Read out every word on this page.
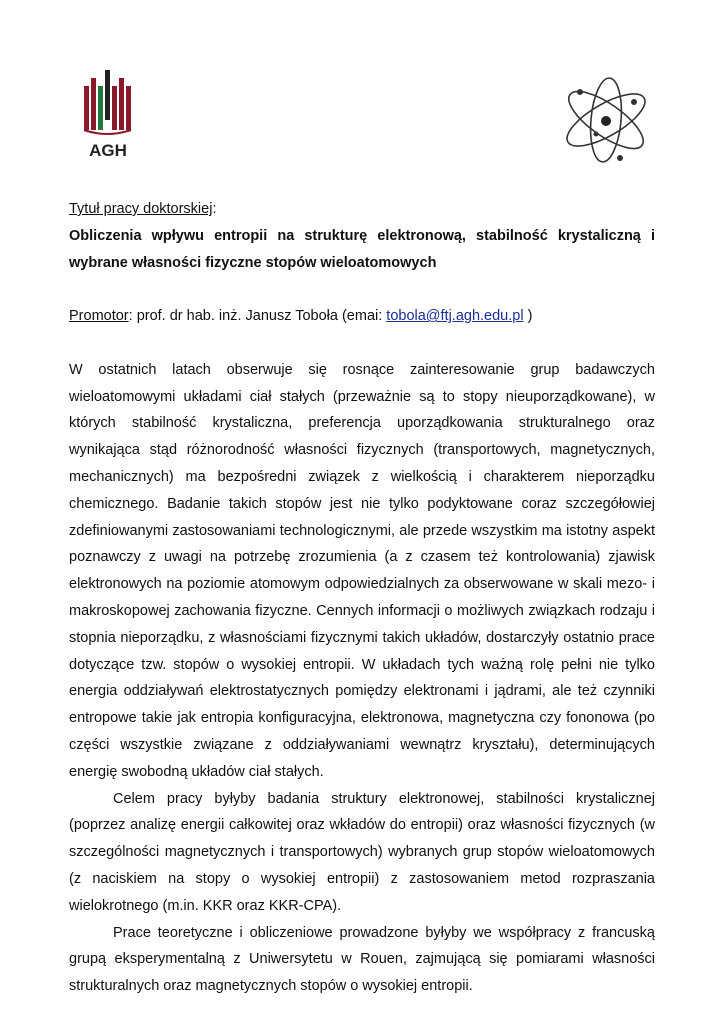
AGH
Tytuł pracy doktorskiej:

Obliczenia wpływu entropii na strukturę elektronową, stabilność krystaliczną i wybrane własności fizyczne stopów wieloatomowych

Promotor: prof. dr hab. inż. Janusz Toboła (emai: tobola@ftj.agh.edu.pl )

W ostatnich latach obserwuje się rosnące zainteresowanie grup badawczych wieloatomowymi układami ciał stałych (przeważnie są to stopy nieuporządkowane), w których stabilność krystaliczna, preferencja uporządkowania strukturalnego oraz wynikająca stąd różnorodność własności fizycznych (transportowych, magnetycznych, mechanicznych) ma bezpośredni związek z wielkością i charakterem nieporządku chemicznego. Badanie takich stopów jest nie tylko podyktowane coraz szczegółowiej zdefiniowanymi zastosowaniami technologicznymi, ale przede wszystkim ma istotny aspekt poznawczy z uwagi na potrzebę zrozumienia (a z czasem też kontrolowania) zjawisk elektronowych na poziomie atomowym odpowiedzialnych za obserwowane w skali mezo- i makroskopowej zachowania fizyczne. Cennych informacji o możliwych związkach rodzaju i stopnia nieporządku, z własnościami fizycznymi takich układów, dostarczyły ostatnio prace dotyczące tzw. stopów o wysokiej entropii. W układach tych ważną rolę pełni nie tylko energia oddziaływań elektrostatycznych pomiędzy elektronami i jądrami, ale też czynniki entropowe takie jak entropia konfiguracyjna, elektronowa, magnetyczna czy fononowa (po części wszystkie związane z oddziaływaniami wewnątrz kryształu), determinujących energię swobodną układów ciał stałych.

Celem pracy byłyby badania struktury elektronowej, stabilności krystalicznej (poprzez analizę energii całkowitej oraz wkładów do entropii) oraz własności fizycznych (w szczególności magnetycznych i transportowych) wybranych grup stopów wieloatomowych (z naciskiem na stopy o wysokiej entropii) z zastosowaniem metod rozpraszania wielokrotnego (m.in. KKR oraz KKR-CPA).

Prace teoretyczne i obliczeniowe prowadzone byłyby we współpracy z francuską grupą eksperymentalną z Uniwersytetu w Rouen, zajmującą się pomiarami własności strukturalnych oraz magnetycznych stopów o wysokiej entropii.
